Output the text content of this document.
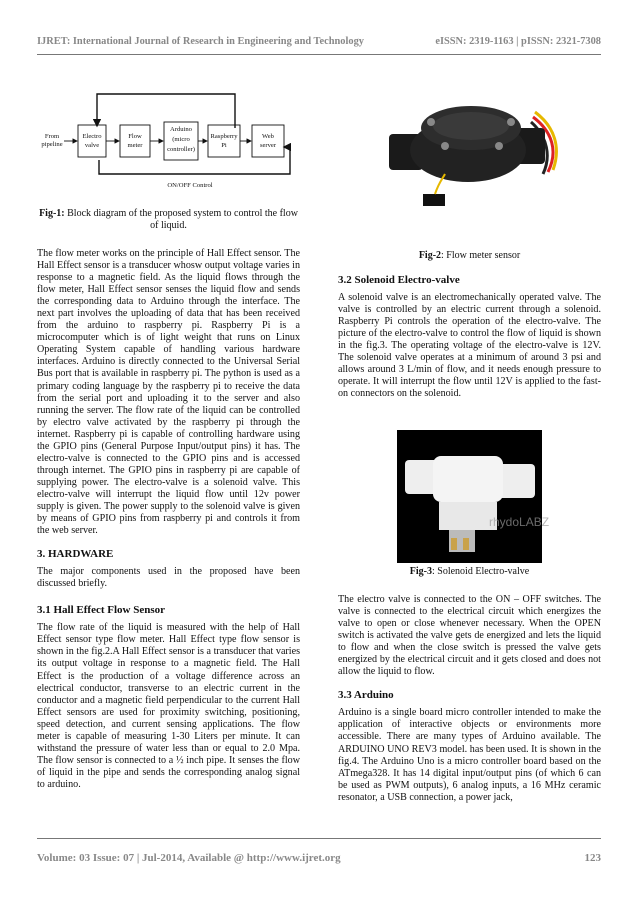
IJRET: International Journal of Research in Engineering and Technology	eISSN: 2319-1163 | pISSN: 2321-7308
From pipeline
Electro valve
Flow meter
Arduino (micro controller)
Raspberry Pi
Web server
ON/OFF Control
Fig-1: Block diagram of the proposed system to control the flow of liquid.

The flow meter works on the principle of Hall Effect sensor. The Hall Effect sensor is a transducer whosw output voltage varies in response to a magnetic field. As the liquid flows through the flow meter, Hall Effect sensor senses the liquid flow and sends the corresponding data to Arduino through the interface. The next part involves the uploading of data that has been received from the arduino to raspberry pi. Raspberry Pi is a microcomputer which is of light weight that runs on Linux Operating System capable of handling various hardware interfaces. Arduino is directly connected to the Universal Serial Bus port that is available in raspberry pi. The python is used as a primary coding language by the raspberry pi to receive the data from the serial port and uploading it to the server and also running the server. The flow rate of the liquid can be controlled by electro valve activated by the raspberry pi through the internet. Raspberry pi is capable of controlling hardware using the GPIO pins (General Purpose Input/output pins) it has. The electro-valve is connected to the GPIO pins and is accessed through internet. The GPIO pins in raspberry pi are capable of supplying power. The electro-valve is a solenoid valve. This electro-valve will interrupt the liquid flow until 12v power supply is given. The power supply to the solenoid valve is given by means of GPIO pins from raspberry pi and controls it from the web server.

3. HARDWARE

The major components used in the proposed have been discussed briefly.

3.1 Hall Effect Flow Sensor

The flow rate of the liquid is measured with the help of Hall Effect sensor type flow meter. Hall Effect type flow sensor is shown in the fig.2.A Hall Effect sensor is a transducer that varies its output voltage in response to a magnetic field. The Hall Effect is the production of a voltage difference across an electrical conductor, transverse to an electric current in the conductor and a magnetic field perpendicular to the current Hall Effect sensors are used for proximity switching, positioning, speed detection, and current sensing applications. The flow meter is capable of measuring 1-30 Liters per minute. It can withstand the pressure of water less than or equal to 2.0 Mpa. The flow sensor is connected to a ½ inch pipe. It senses the flow of liquid in the pipe and sends the corresponding analog signal to arduino.

Fig-2: Flow meter sensor
3.2 Solenoid Electro-valve

A solenoid valve is an electromechanically operated valve. The valve is controlled by an electric current through a solenoid. Raspberry Pi controls the operation of the electro-valve. The picture of the electro-valve to control the flow of liquid is shown in the fig.3. The operating voltage of the electro-valve is 12V. The solenoid valve operates at a minimum of around 3 psi and allows around 3 L/min of flow, and it needs enough pressure to operate. It will interrupt the flow until 12V is applied to the fast-on connectors on the solenoid.

rhydoLABZ
Fig-3: Solenoid Electro-valve

The electro valve is connected to the ON – OFF switches. The valve is connected to the electrical circuit which energizes the valve to open or close whenever necessary. When the OPEN switch is activated the valve gets de energized and lets the liquid to flow and when the close switch is pressed the valve gets energized by the electrical circuit and it gets closed and does not allow the liquid to flow.

3.3 Arduino

Arduino is a single board micro controller intended to make the application of interactive objects or environments more accessible. There are many types of Arduino available. The ARDUINO UNO REV3 model. has been used. It is shown in the fig.4. The Arduino Uno is a micro controller board based on the ATmega328. It has 14 digital input/output pins (of which 6 can be used as PWM outputs), 6 analog inputs, a 16 MHz ceramic resonator, a USB connection, a power jack,

Volume: 03 Issue: 07 | Jul-2014, Available @ http://www.ijret.org	123
